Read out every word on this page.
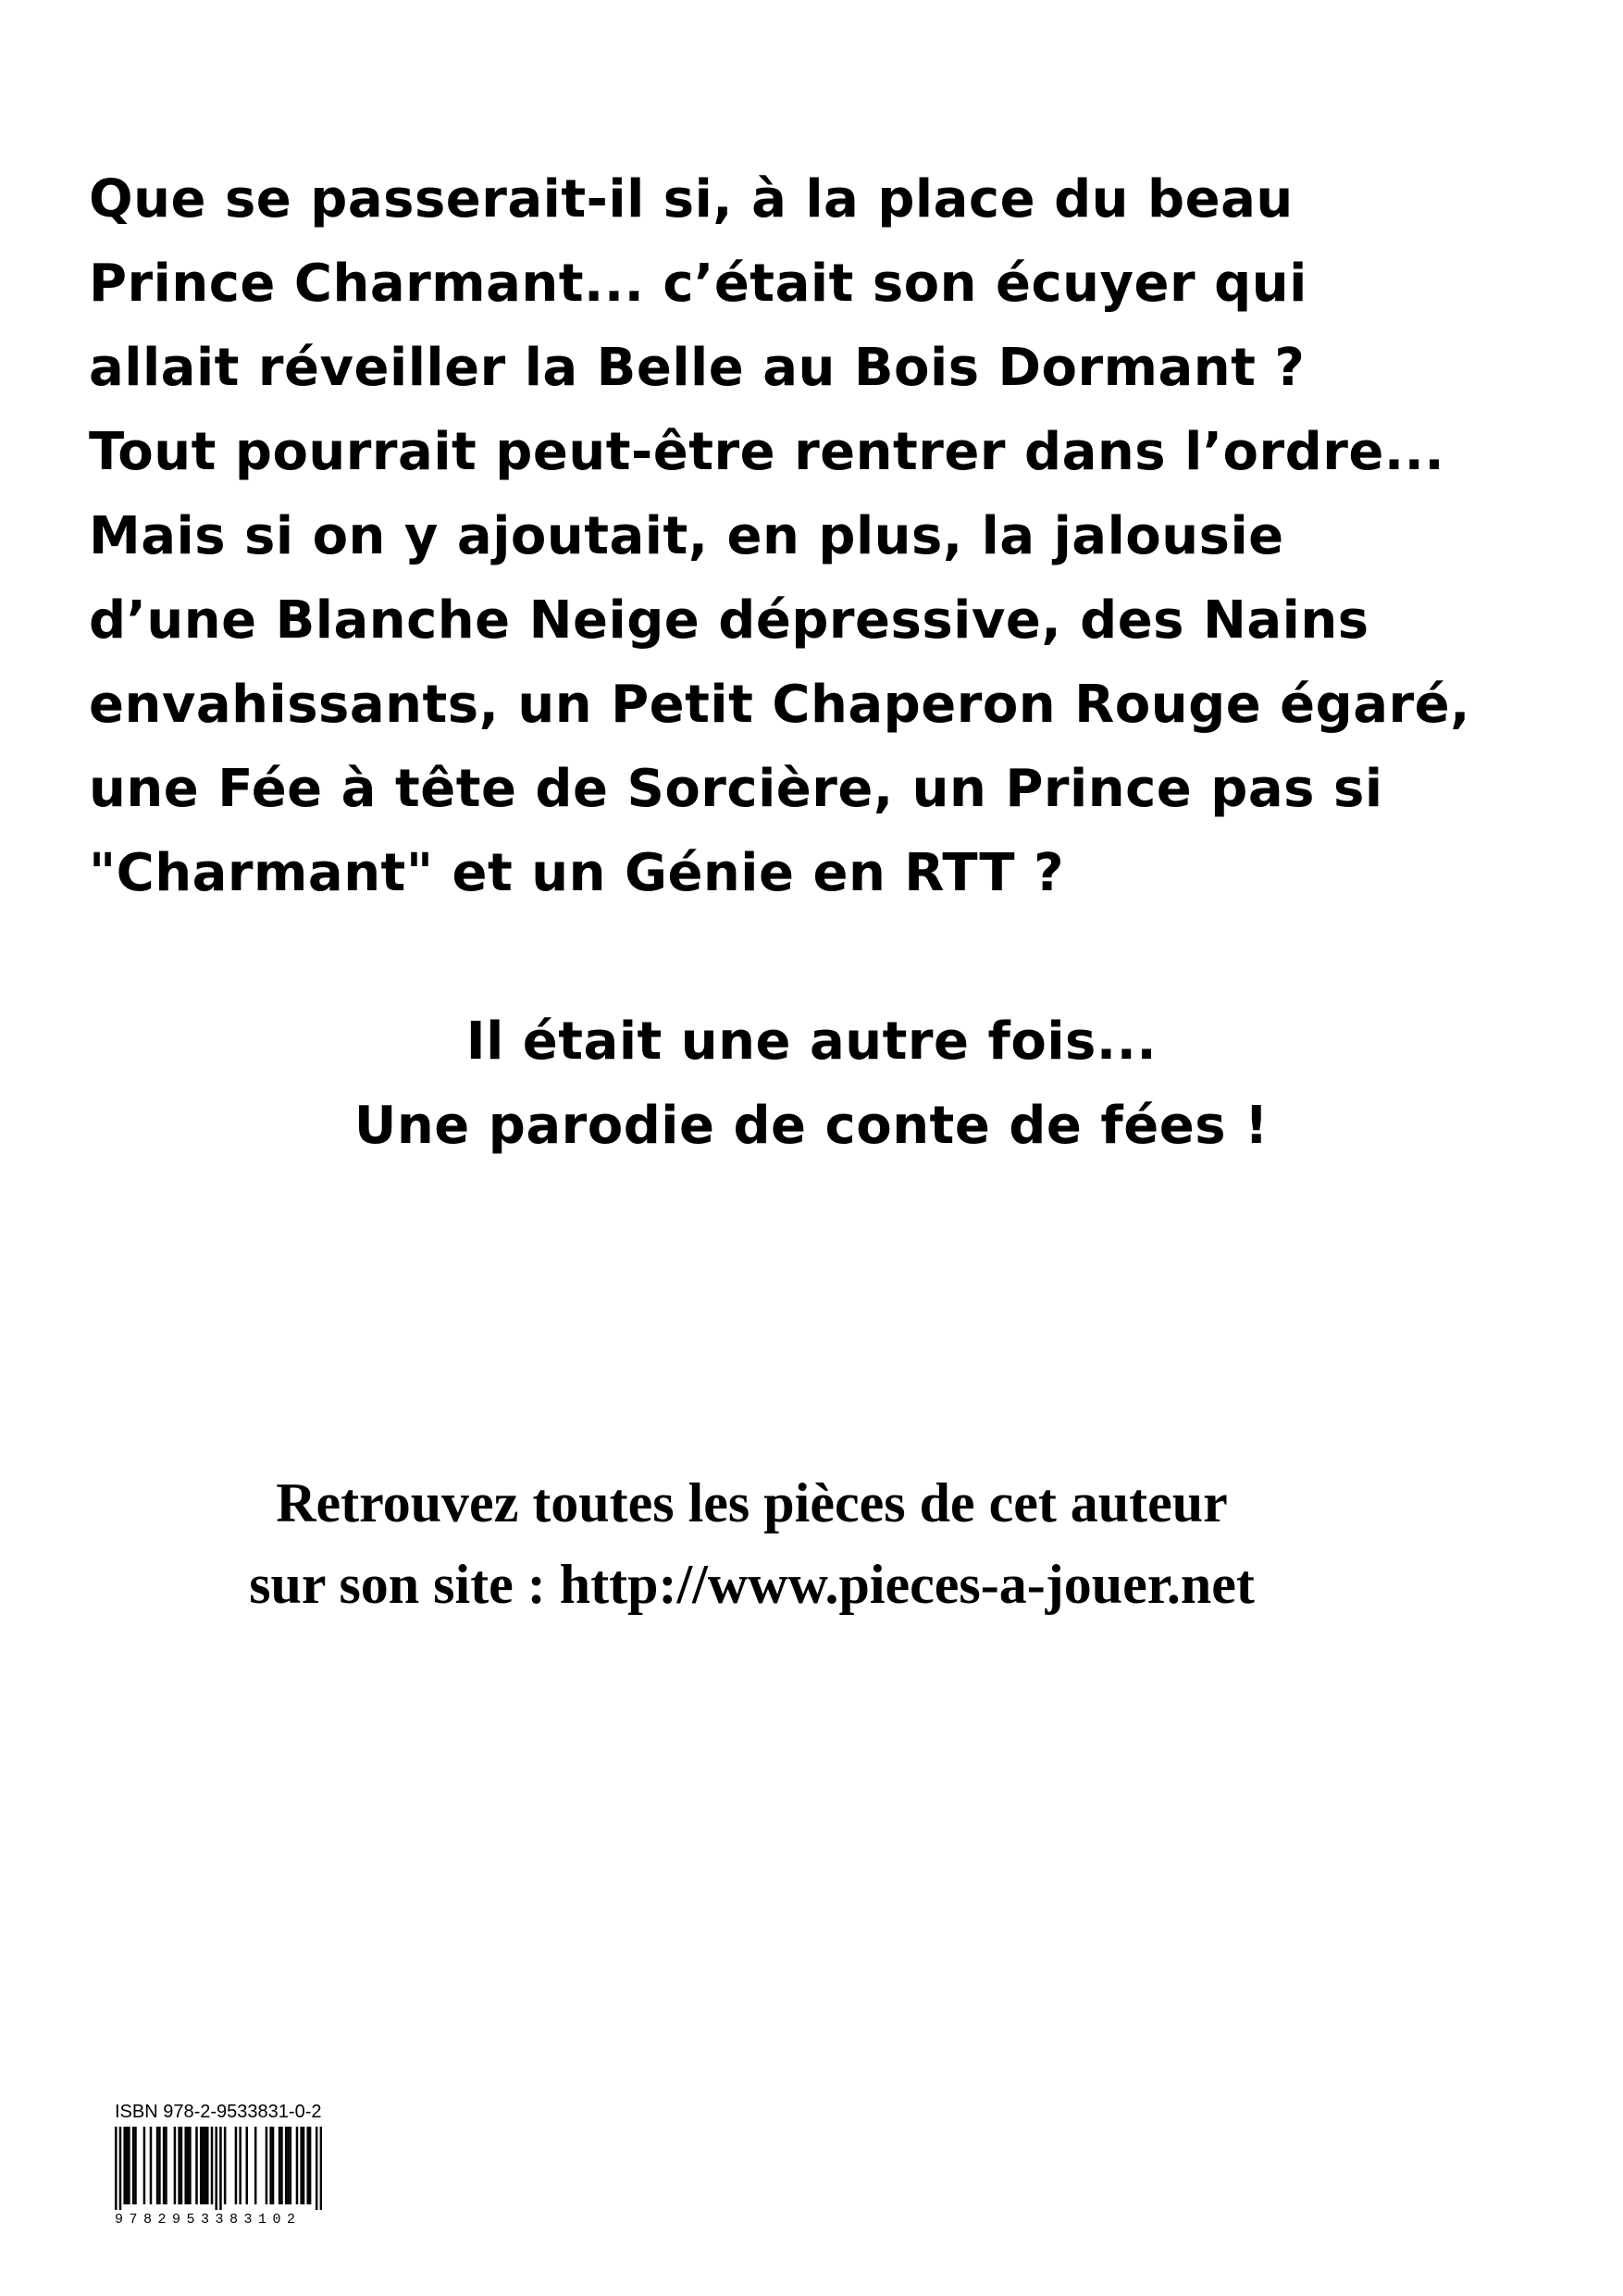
Que se passerait-il si, à la place du beau
Prince Charmant... c’était son écuyer qui
allait réveiller la Belle au Bois Dormant ?
Tout pourrait peut-être rentrer dans l’ordre...
Mais si on y ajoutait, en plus, la jalousie
d’une Blanche Neige dépressive, des Nains
envahissants, un Petit Chaperon Rouge égaré,
une Fée à tête de Sorcière, un Prince pas si
"Charmant" et un Génie en RTT ?
Il était une autre fois...
Une parodie de conte de fées !
Retrouvez toutes les pièces de cet auteur
sur son site : http://www.pieces-a-jouer.net
ISBN 978-2-9533831-0-2
9782953383102
